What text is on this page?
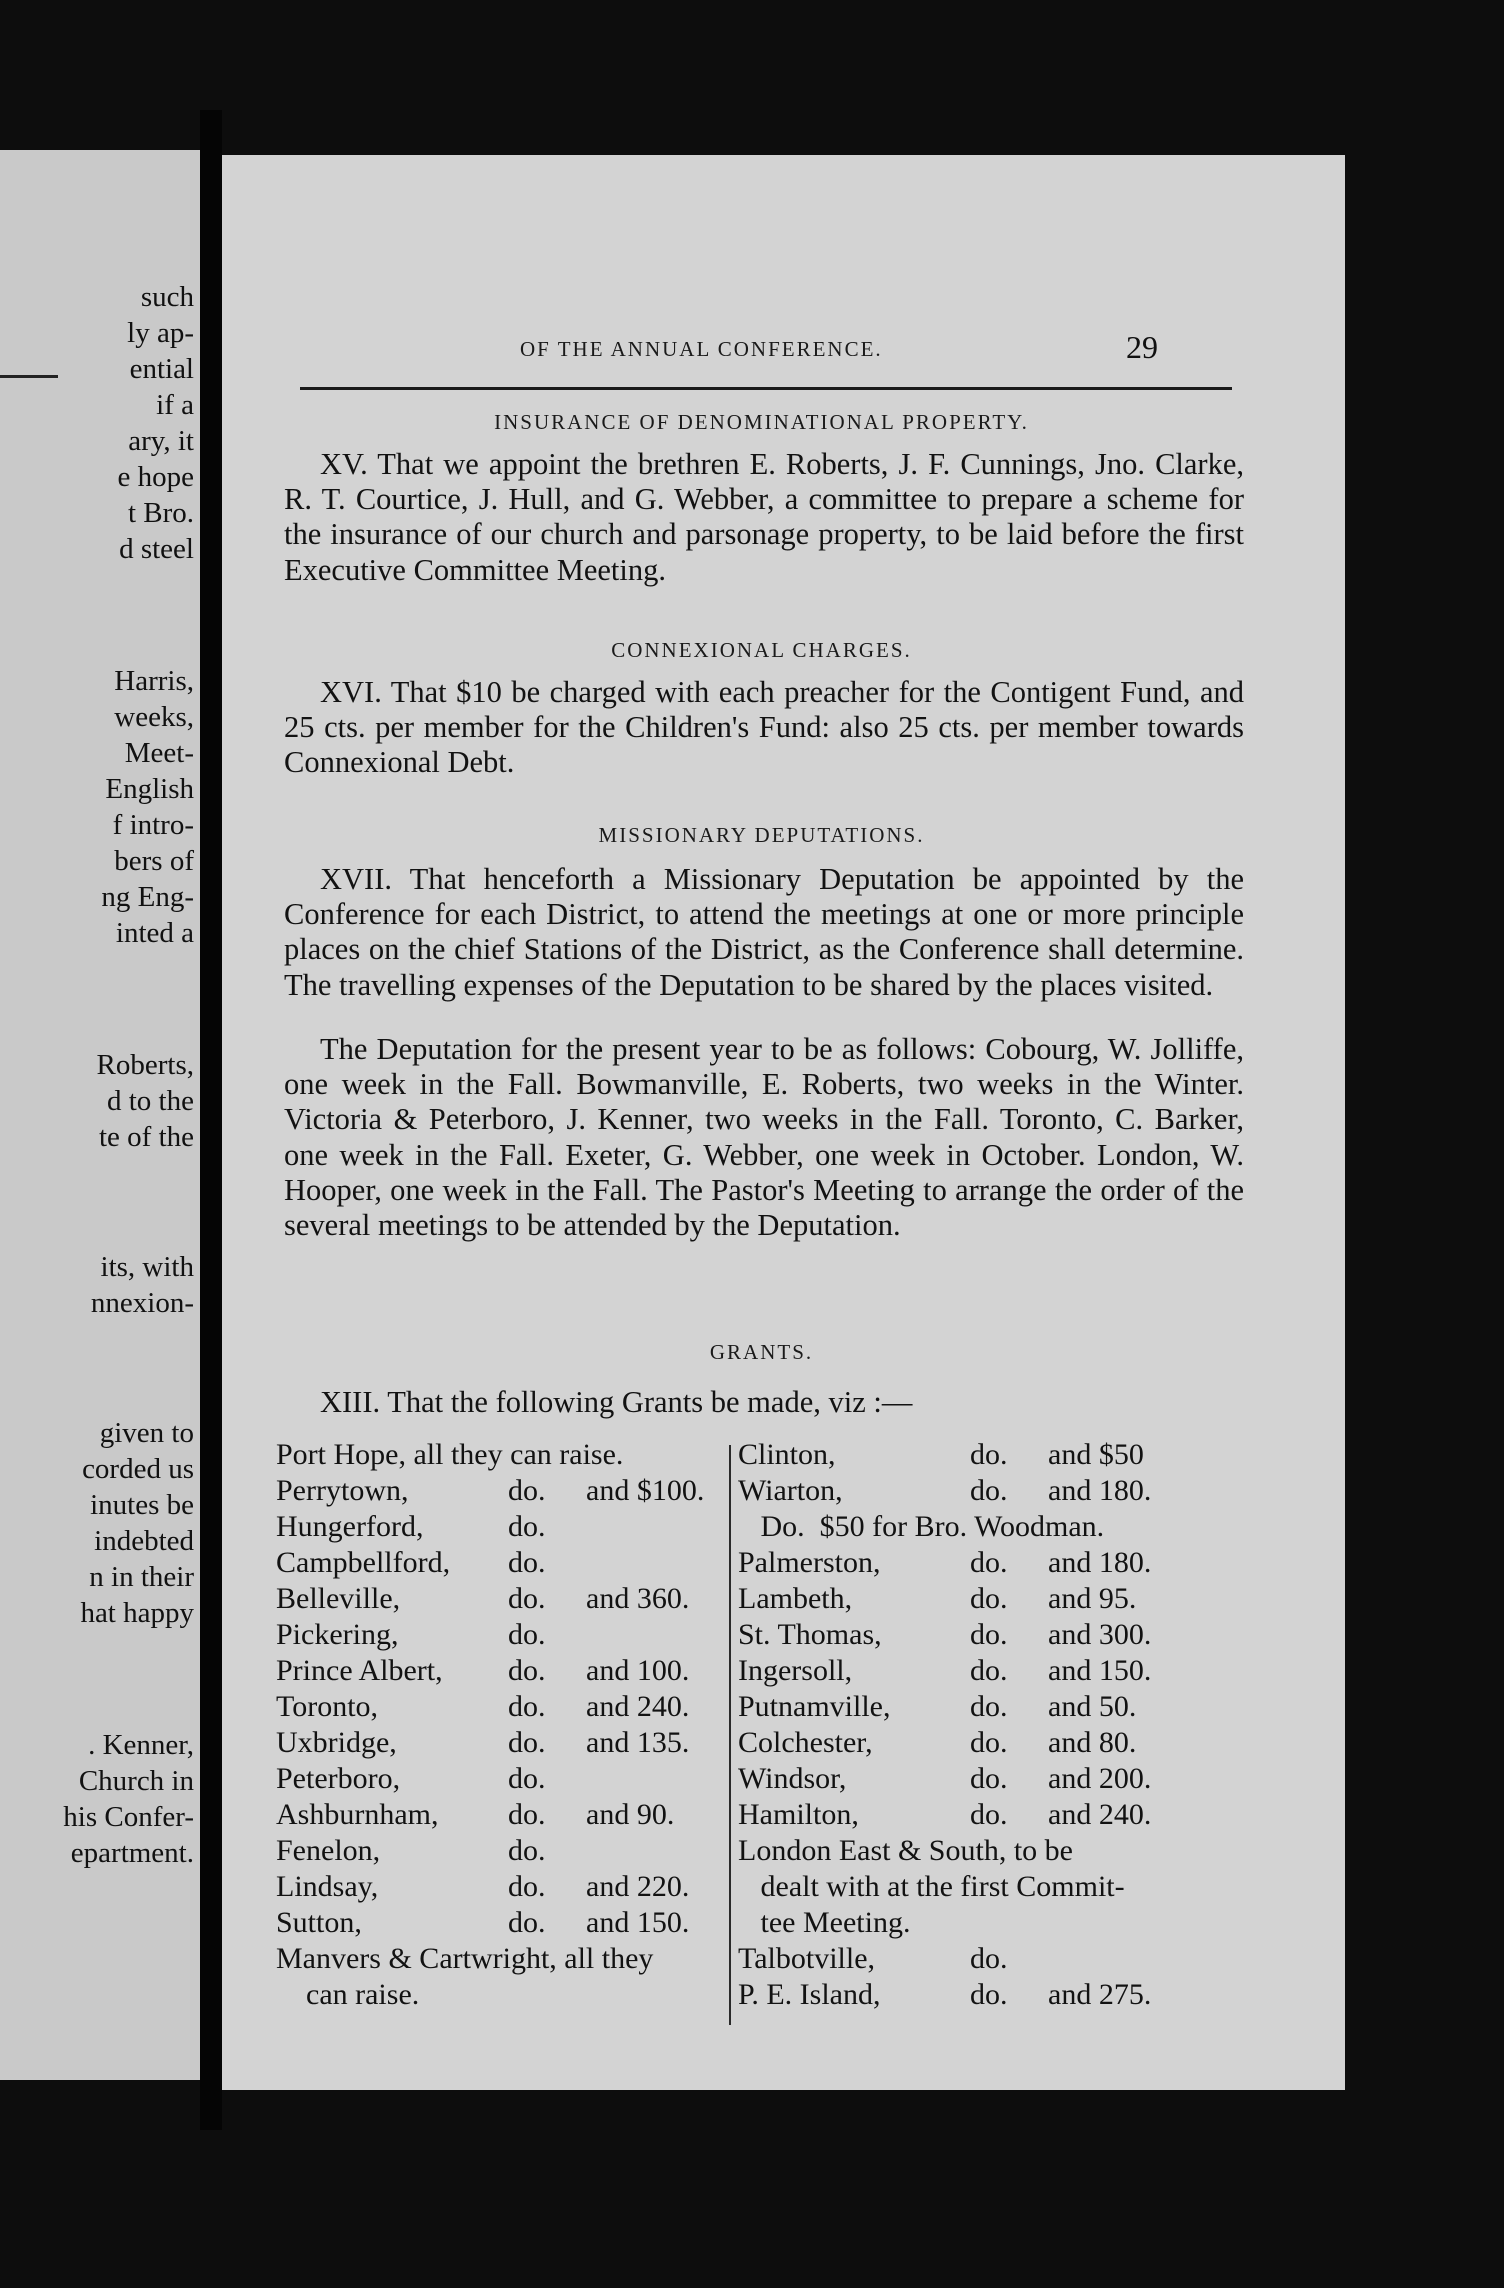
such
ly ap-
ential
if a
ary, it
e hope
t Bro.
d steel
Harris,
weeks,
Meet-
English
f intro-
bers of
ng Eng-
inted a
Roberts,
d to the
te of the
its, with
nnexion-
given to
corded us
inutes be
indebted
n in their
hat happy
. Kenner,
Church in
his Confer-
epartment.
OF THE ANNUAL CONFERENCE.	29
INSURANCE OF DENOMINATIONAL PROPERTY.
XV. That we appoint the brethren E. Roberts, J. F. Cunnings, Jno. Clarke, R. T. Courtice, J. Hull, and G. Webber, a committee to prepare a scheme for the insurance of our church and parsonage property, to be laid before the first Executive Committee Meeting.
CONNEXIONAL CHARGES.
XVI. That $10 be charged with each preacher for the Contigent Fund, and 25 cts. per member for the Children's Fund: also 25 cts. per member towards Connexional Debt.
MISSIONARY DEPUTATIONS.
XVII. That henceforth a Missionary Deputation be appointed by the Conference for each District, to attend the meetings at one or more principle places on the chief Stations of the District, as the Conference shall determine. The travelling expenses of the Deputation to be shared by the places visited.
The Deputation for the present year to be as follows: Cobourg, W. Jolliffe, one week in the Fall. Bowmanville, E. Roberts, two weeks in the Winter. Victoria & Peterboro, J. Kenner, two weeks in the Fall. Toronto, C. Barker, one week in the Fall. Exeter, G. Webber, one week in October. London, W. Hooper, one week in the Fall. The Pastor's Meeting to arrange the order of the several meetings to be attended by the Deputation.
GRANTS.
XIII. That the following Grants be made, viz :—
Port Hope, all they can raise.
Perrytown,	do. and $100.
Hungerford,	do.
Campbellford, do.
Belleville,	do. and 360.
Pickering,	do.
Prince Albert, do. and 100.
Toronto,	do. and 240.
Uxbridge,	do. and 135.
Peterboro,	do.
Ashburnham, do. and 90.
Fenelon,	do.
Lindsay,	do. and 220.
Sutton,	do. and 150.
Manvers & Cartwright, all they
can raise.
Clinton,	do. and $50
Wiarton,	do. and 180.
Do.  $50 for Bro. Woodman.
Palmerston,	do. and 180.
Lambeth,	do. and 95.
St. Thomas,	do. and 300.
Ingersoll,	do. and 150.
Putnamville,	do. and 50.
Colchester,	do. and 80.
Windsor,	do. and 200.
Hamilton,	do. and 240.
London East & South, to be
dealt with at the first Commit-
tee Meeting.
Talbotville,	do.
P. E. Island,	do. and 275.
